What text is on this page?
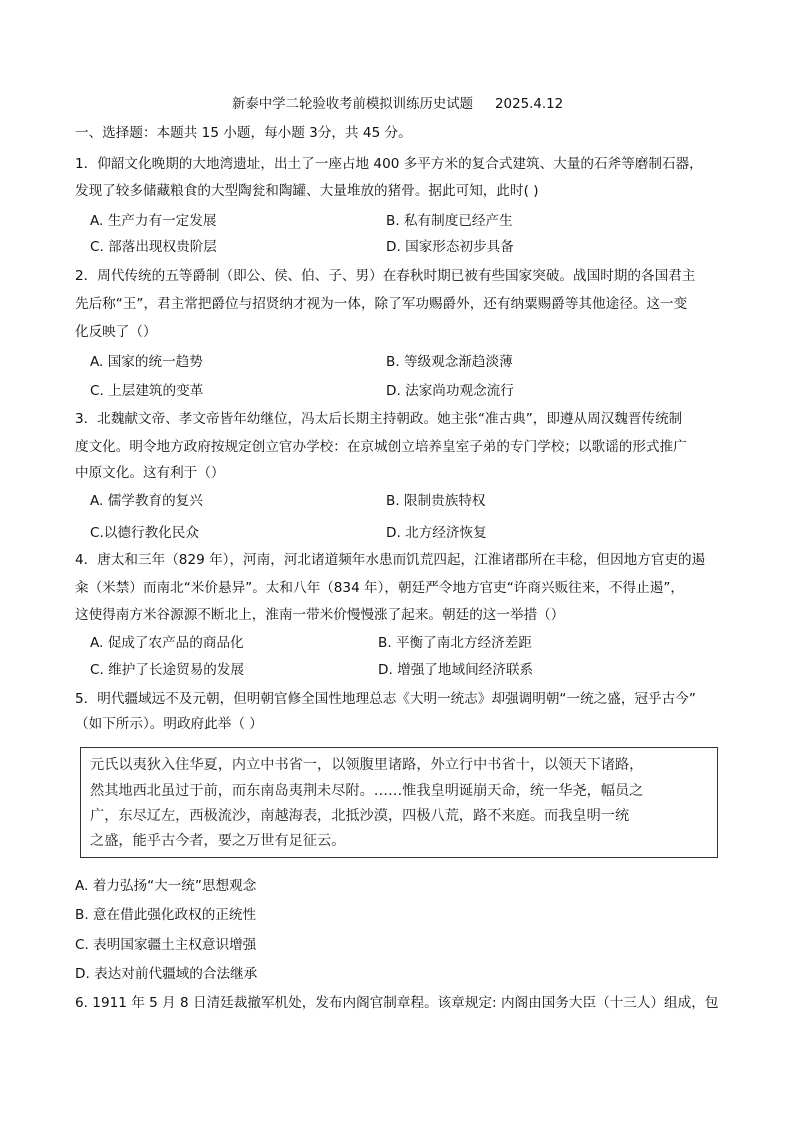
新泰中学二轮验收考前模拟训练历史试题 2025.4.12
一、选择题：本题共 15 小题，每小题 3分，共 45 分。
1．仰韶文化晚期的大地湾遗址，出土了一座占地 400 多平方米的复合式建筑、大量的石斧等磨制石器，
发现了较多储藏粮食的大型陶瓮和陶罐、大量堆放的猪骨。据此可知，此时( )
A. 生产力有一定发展	B. 私有制度已经产生
C. 部落出现权贵阶层	D. 国家形态初步具备
2．周代传统的五等爵制（即公、侯、伯、子、男）在春秋时期已被有些国家突破。战国时期的各国君主
先后称“王”，君主常把爵位与招贤纳才视为一体，除了军功赐爵外，还有纳粟赐爵等其他途径。这一变
化反映了（）
A. 国家的统一趋势	B. 等级观念渐趋淡薄
C. 上层建筑的变革	D. 法家尚功观念流行
3．北魏献文帝、孝文帝皆年幼继位，冯太后长期主持朝政。她主张“准古典”，即遵从周汉魏晋传统制
度文化。明令地方政府按规定创立官办学校：在京城创立培养皇室子弟的专门学校；以歌谣的形式推广
中原文化。这有利于（）
A. 儒学教育的复兴	B. 限制贵族特权
C.以德行教化民众	D. 北方经济恢复
4．唐太和三年（829 年），河南，河北诸道频年水患而饥荒四起，江淮诸郡所在丰稔，但因地方官吏的遏
籴（米禁）而南北“米价悬异”。太和八年（834 年），朝廷严令地方官吏“许商兴贩往来，不得止遏”，
这使得南方米谷源源不断北上，淮南一带米价慢慢涨了起来。朝廷的这一举措（）
A. 促成了农产品的商品化	B. 平衡了南北方经济差距
C. 维护了长途贸易的发展	D. 增强了地域间经济联系
5．明代疆域远不及元朝，但明朝官修全国性地理总志《大明一统志》却强调明朝“一统之盛，冠乎古今”
（如下所示）。明政府此举（ ）
元氏以夷狄入住华夏，内立中书省一，以领腹里诸路，外立行中书省十，以领天下诸路，
然其地西北虽过于前，而东南岛夷荆未尽附。……惟我皇明诞崩天命，统一华尧，幅员之
广，东尽辽左，西极流沙，南越海表，北抵沙漠，四极八荒，路不来庭。而我皇明一统
之盛，能乎古今者，要之万世有足征云。
A. 着力弘扬“大一统”思想观念
B. 意在借此强化政权的正统性
C. 表明国家疆土主权意识增强
D. 表达对前代疆域的合法继承
6. 1911 年 5 月 8 日清廷裁撤军机处，发布内阁官制章程。该章规定: 内阁由国务大臣（十三人）组成，包
